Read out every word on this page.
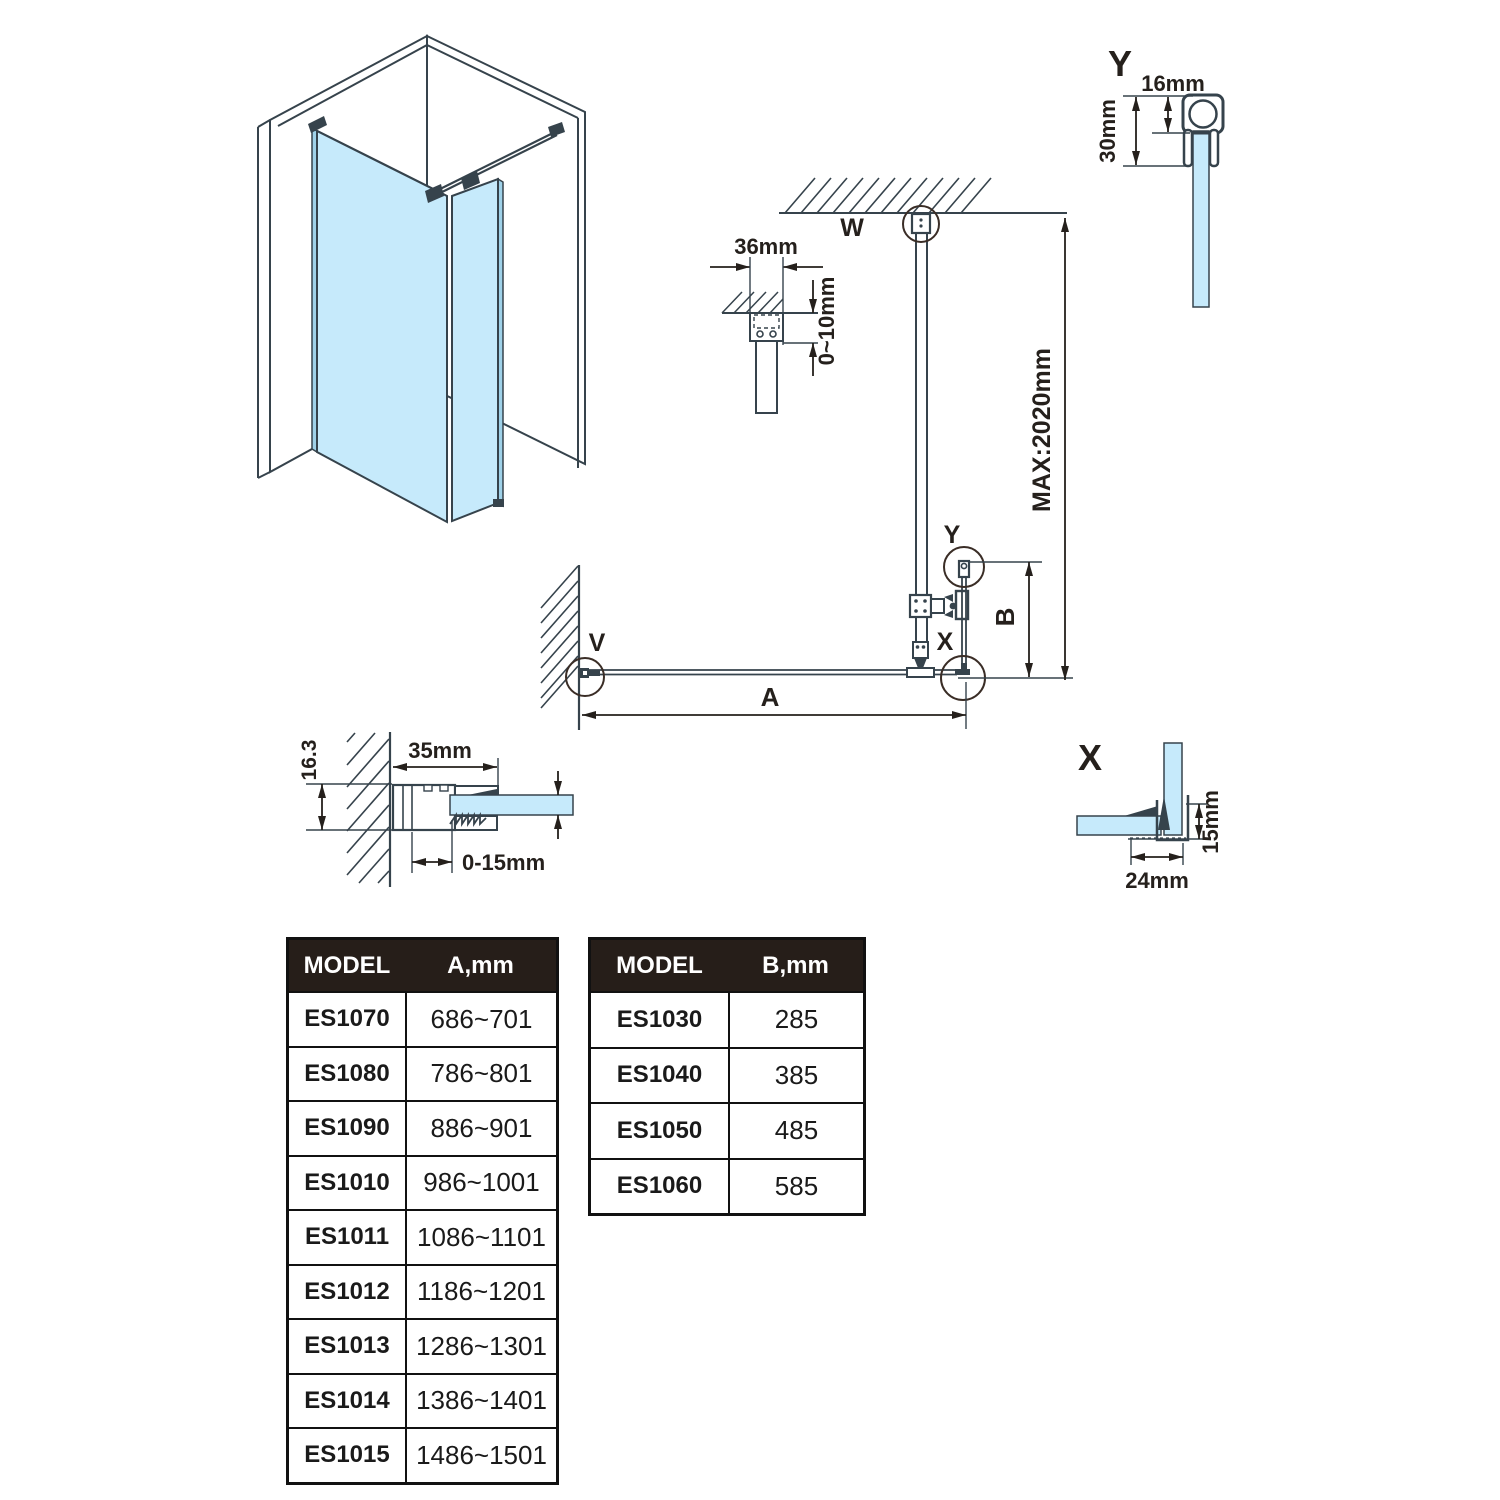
W
V
Y
X
A
B
MAX:2020mm
36mm
0~10mm
Y 16mm
30mm
X
15mm
24mm
16.3	35mm
0-15mm
MODEL	A,mm
ES1070	686~701
ES1080	786~801
ES1090	886~901
ES1010	986~1001
ES1011	1086~1101
ES1012	1186~1201
ES1013	1286~1301
ES1014	1386~1401
ES1015	1486~1501
MODEL	B,mm
ES1030	285
ES1040	385
ES1050	485
ES1060	585
